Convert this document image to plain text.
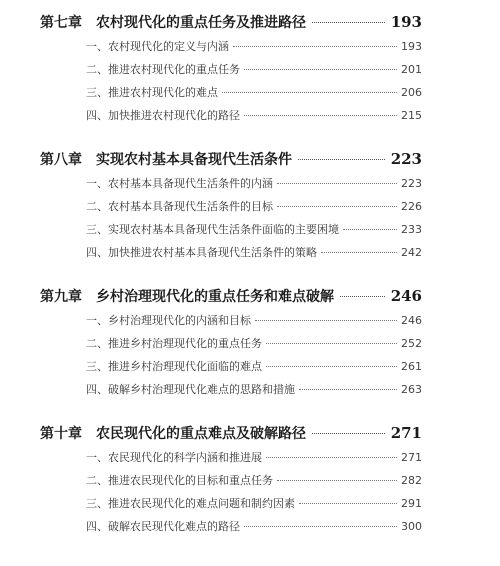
第七章	农村现代化的重点任务及推进路径	193
一、农村现代化的定义与内涵	193
二、推进农村现代化的重点任务	201
三、推进农村现代化的难点	206
四、加快推进农村现代化的路径	215
第八章	实现农村基本具备现代生活条件	223
一、农村基本具备现代生活条件的内涵	223
二、农村基本具备现代生活条件的目标	226
三、实现农村基本具备现代生活条件面临的主要困境	233
四、加快推进农村基本具备现代生活条件的策略	242
第九章	乡村治理现代化的重点任务和难点破解	246
一、乡村治理现代化的内涵和目标	246
二、推进乡村治理现代化的重点任务	252
三、推进乡村治理现代化面临的难点	261
四、破解乡村治理现代化难点的思路和措施	263
第十章	农民现代化的重点难点及破解路径	271
一、农民现代化的科学内涵和推进展	271
二、推进农民现代化的目标和重点任务	282
三、推进农民现代化的难点问题和制约因素	291
四、破解农民现代化难点的路径	300
